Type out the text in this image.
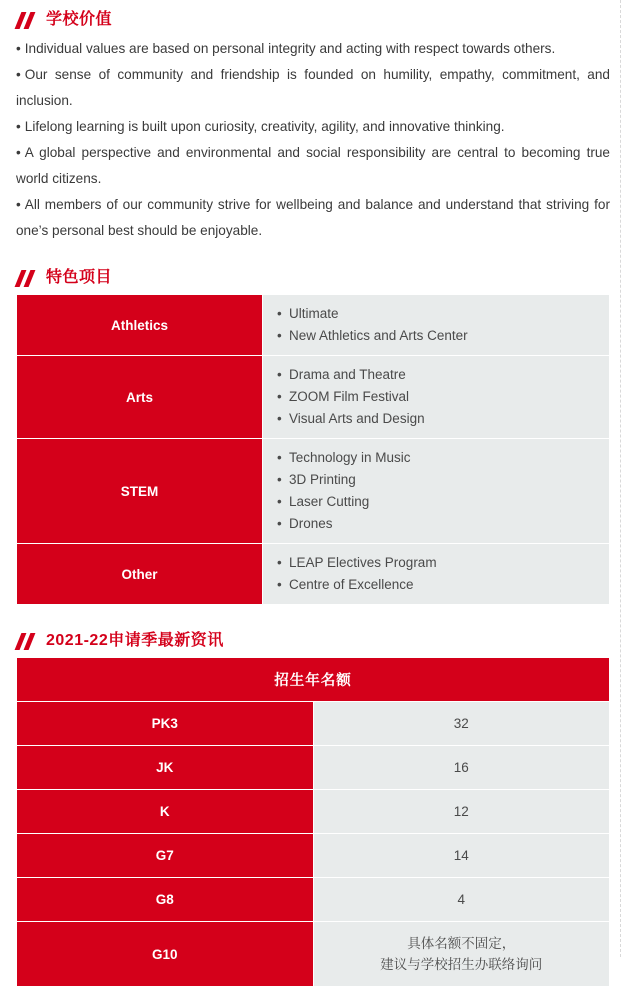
学校价值

• Individual values are based on personal integrity and acting with respect towards others.

• Our sense of community and friendship is founded on humility, empathy, commitment, and inclusion.

• Lifelong learning is built upon curiosity, creativity, agility, and innovative thinking.

• A global perspective and environmental and social responsibility are central to becoming true world citizens.

• All members of our community strive for wellbeing and balance and understand that striving for one’s personal best should be enjoyable.

特色项目
Athletics	
• Ultimate
• New Athletics and Arts Center

Arts	
• Drama and Theatre
• ZOOM Film Festival
• Visual Arts and Design

STEM	
• Technology in Music
• 3D Printing
• Laser Cutting
• Drones

Other	
• LEAP Electives Program
• Centre of Excellence
2021-22申请季最新资讯
招生年名额	
PK3	32
JK	16
K	12
G7	14
G8	4
G10	具体名额不固定，
建议与学校招生办联络询问
